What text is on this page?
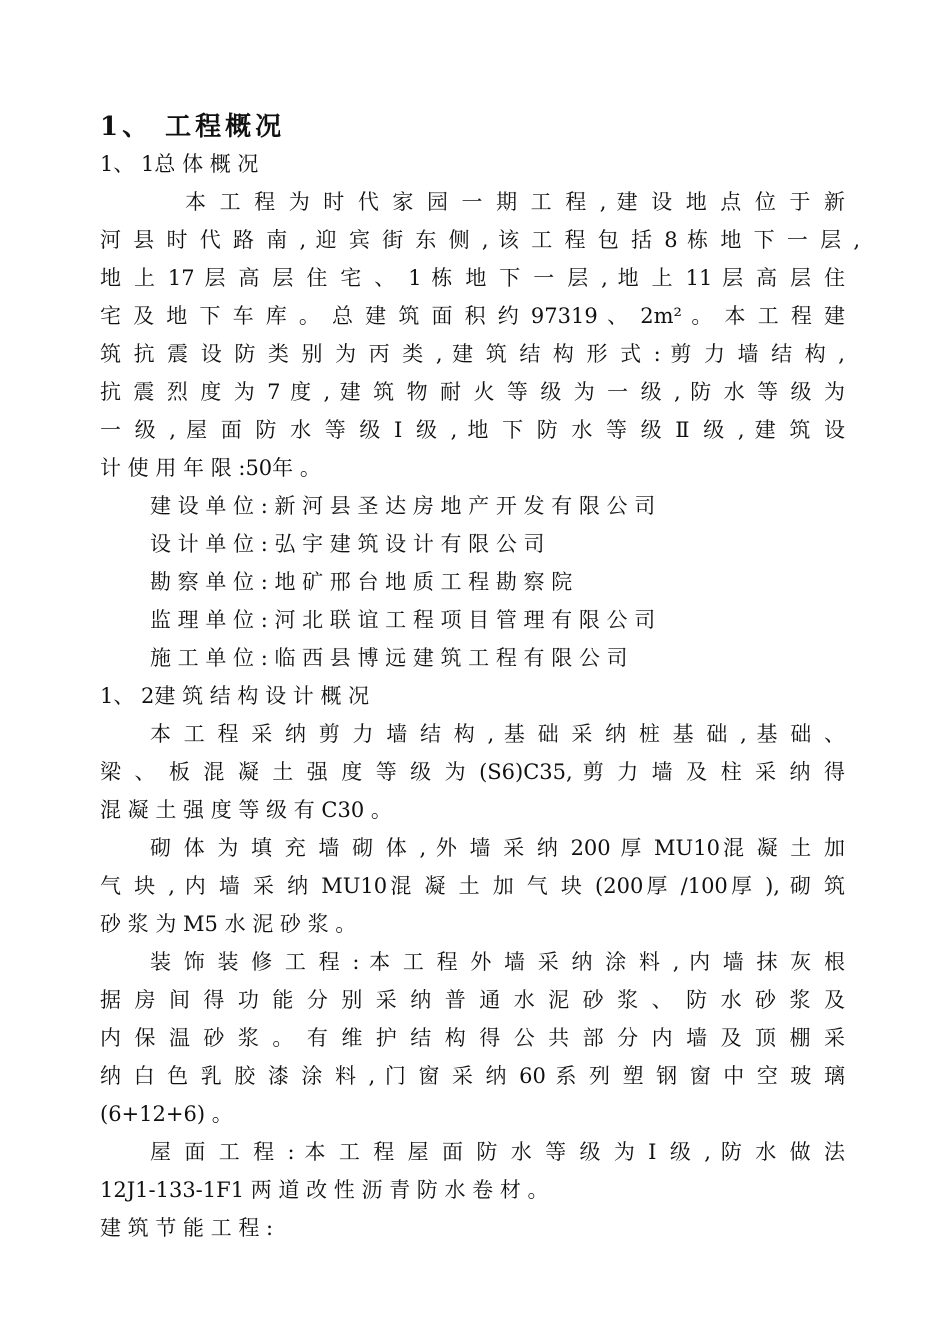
1、 工程概况
1、 1总 体 概 况
本 工 程 为 时 代 家 园 一 期 工 程 , 建 设 地 点 位 于 新
河 县 时 代 路 南 , 迎 宾 街 东 侧 , 该 工 程 包 括 8 栋 地 下 一 层 ,
地 上 17 层 高 层 住 宅 、 1 栋 地 下 一 层 , 地 上 11 层 高 层 住
宅 及 地 下 车 库 。 总 建 筑 面 积 约 97319 、 2m² 。 本 工 程 建
筑 抗 震 设 防 类 别 为 丙 类 , 建 筑 结 构 形 式 : 剪 力 墙 结 构 ,
抗 震 烈 度 为 7 度 , 建 筑 物 耐 火 等 级 为 一 级 , 防 水 等 级 为
一 级 , 屋 面 防 水 等 级 Ⅰ 级 , 地 下 防 水 等 级 Ⅱ 级 , 建 筑 设
计 使 用 年 限 :50年 。
建 设 单 位 : 新 河 县 圣 达 房 地 产 开 发 有 限 公 司
设 计 单 位 : 弘 宇 建 筑 设 计 有 限 公 司
勘 察 单 位 : 地 矿 邢 台 地 质 工 程 勘 察 院
监 理 单 位 : 河 北 联 谊 工 程 项 目 管 理 有 限 公 司
施 工 单 位 : 临 西 县 博 远 建 筑 工 程 有 限 公 司
1、 2建 筑 结 构 设 计 概 况
本 工 程 采 纳 剪 力 墙 结 构 , 基 础 采 纳 桩 基 础 , 基 础 、
梁 、 板 混 凝 土 强 度 等 级 为 (S6)C35, 剪 力 墙 及 柱 采 纳 得
混 凝 土 强 度 等 级 有 C30 。
砌 体 为 填 充 墙 砌 体 , 外 墙 采 纳 200 厚 MU10混 凝 土 加
气 块 , 内 墙 采 纳 MU10混 凝 土 加 气 块 (200厚 /100厚 ), 砌 筑
砂 浆 为 M5 水 泥 砂 浆 。
装 饰 装 修 工 程 : 本 工 程 外 墙 采 纳 涂 料 , 内 墙 抹 灰 根
据 房 间 得 功 能 分 别 采 纳 普 通 水 泥 砂 浆 、 防 水 砂 浆 及
内 保 温 砂 浆 。 有 维 护 结 构 得 公 共 部 分 内 墙 及 顶 棚 采
纳 白 色 乳 胶 漆 涂 料 , 门 窗 采 纳 60 系 列 塑 钢 窗 中 空 玻 璃
(6+12+6) 。
屋 面 工 程 : 本 工 程 屋 面 防 水 等 级 为 Ⅰ 级 , 防 水 做 法
12J1-133-1F1 两 道 改 性 沥 青 防 水 卷 材 。
建 筑 节 能 工 程 :
